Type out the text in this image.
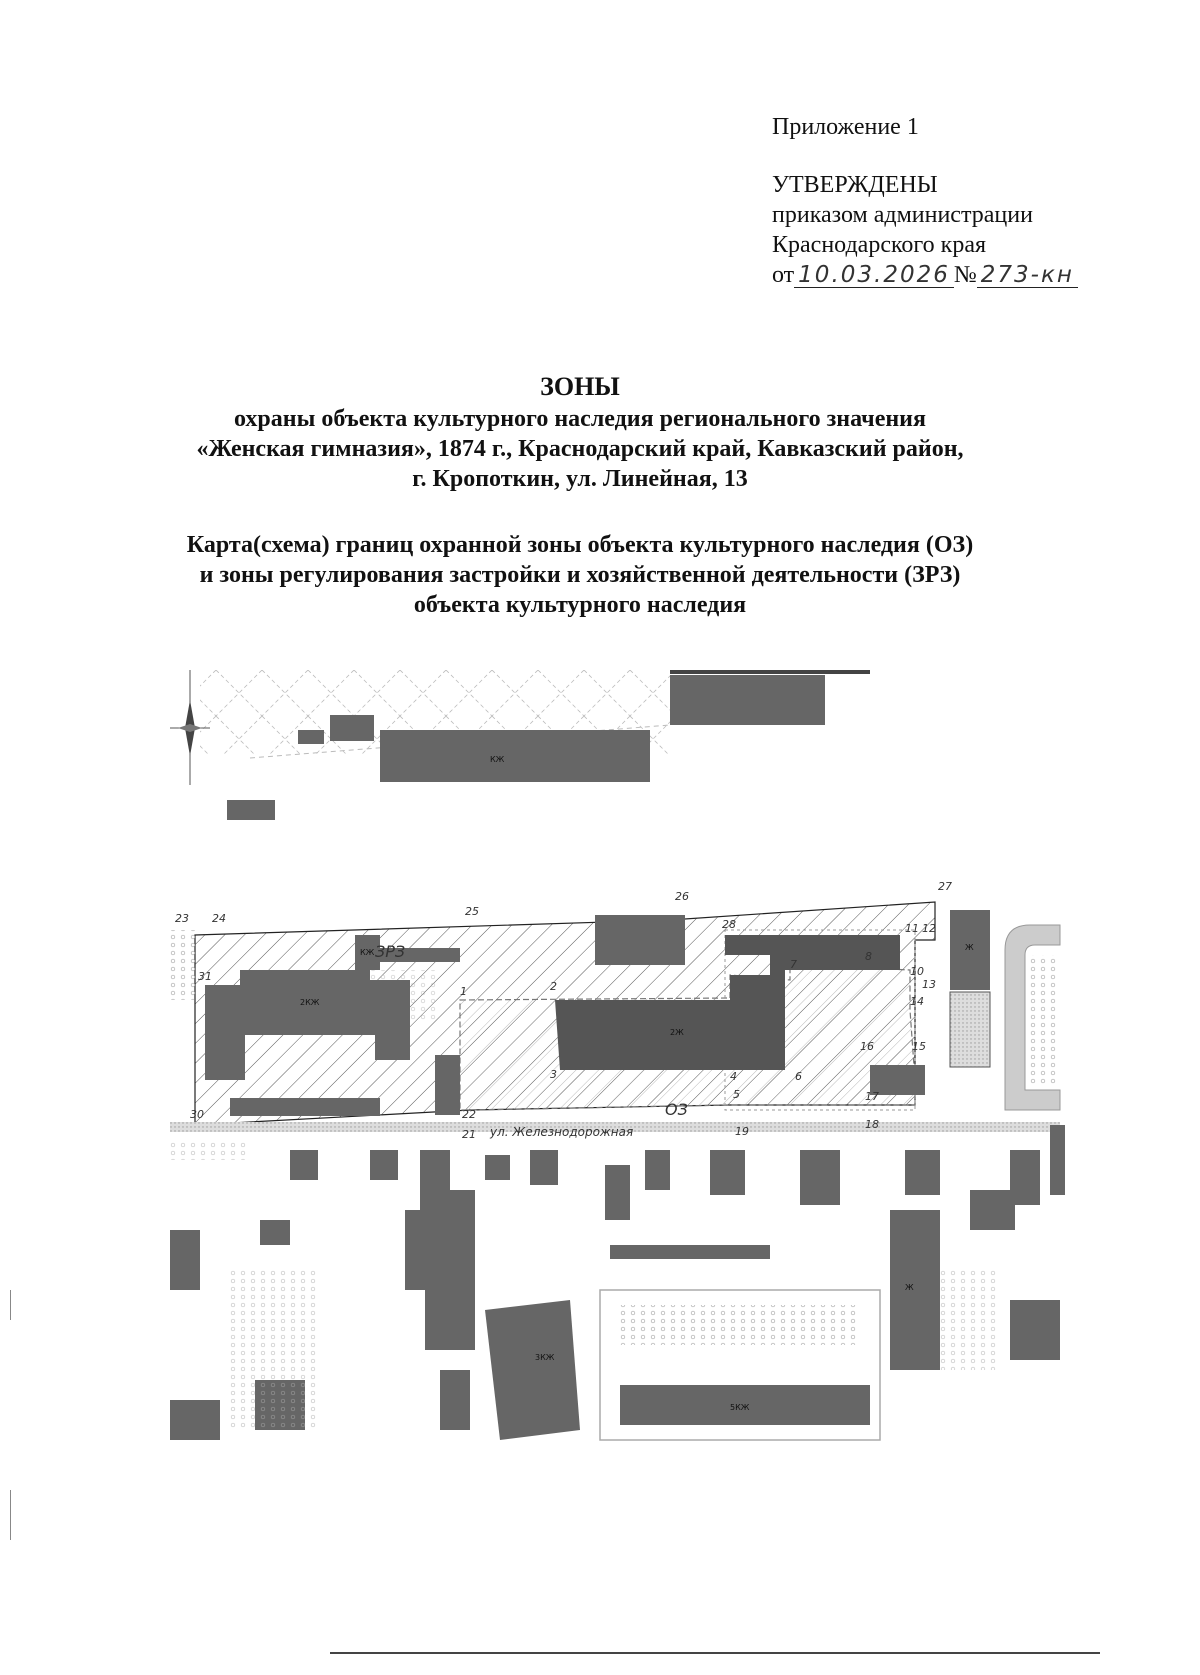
Приложение 1
УТВЕРЖДЕНЫ
приказом администрации
Краснодарского края
от 10.03.2026 № 273-кн
ЗОНЫ
охраны объекта культурного наследия регионального значения
«Женская гимназия», 1874 г., Краснодарский край, Кавказский район,
г. Кропоткин, ул. Линейная, 13
Карта(схема) границ охранной зоны объекта культурного наследия (ОЗ)
и зоны регулирования застройки и хозяйственной деятельности (ЗРЗ)
объекта культурного наследия
КЖ
ЗРЗ
ОЗ
ул. Железнодорожная
2Ж
2КЖ
Ж
КЖ
1	2
3	4
5
6
7
8
11 12
13
10
14
15
16
17
18
19
21
22
23 24
25
26
27
28
30
31
5КЖ
Ж
3КЖ
